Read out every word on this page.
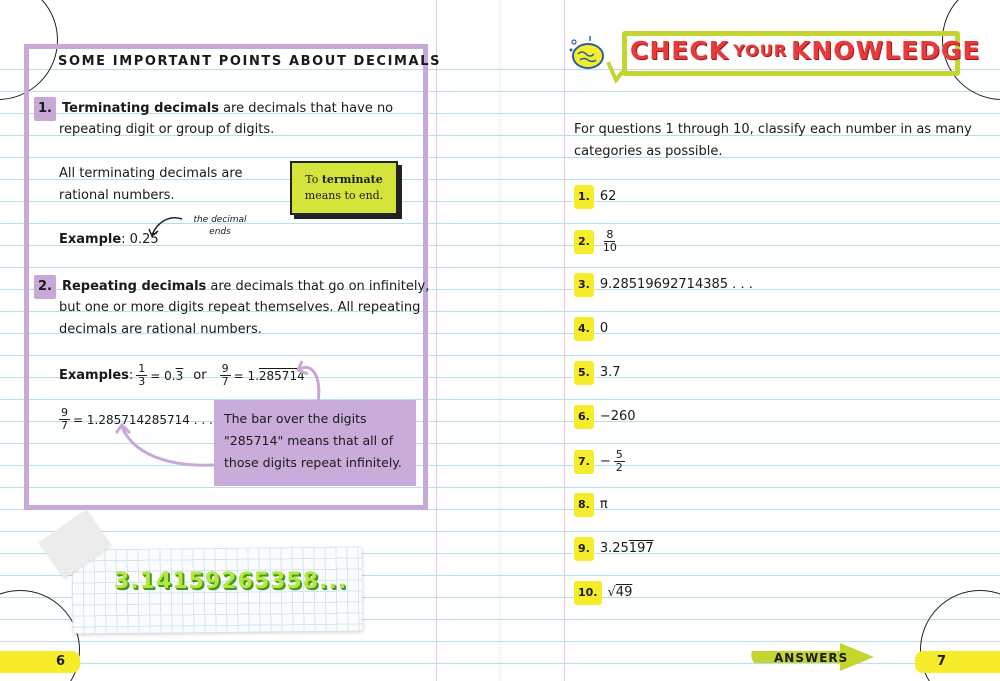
SOME IMPORTANT POINTS ABOUT DECIMALS
1. Terminating decimals are decimals that have no
repeating digit or group of digits.
All terminating decimals are
rational numbers.
Example: 0.25
the decimal ends
To terminate
means to end.
2. Repeating decimals are decimals that go on infinitely,
but one or more digits repeat themselves. All repeating
decimals are rational numbers.
Examples : $\frac{1}{3} = 0$. 3 or $\frac{9}{7} = 1$. 285714
$\frac{9}{7} = 1.285714285714$ . . . The bar over the digits
"285714" means that all of
those digits repeat infinitely.
3.14159265358...
6
CHECK YOUR KNOWLEDGE
For questions 1 through 10, classify each number in as many
categories as possible.
1. 62
2.	$\frac{8}{10}$
3. 9.28519692714385 . . .
4. 0
5. 3.7
6. −260
7. − $\frac{5}{2}$
8. π
9. 3.25 197
10. √ 49
ANSWERS	7
